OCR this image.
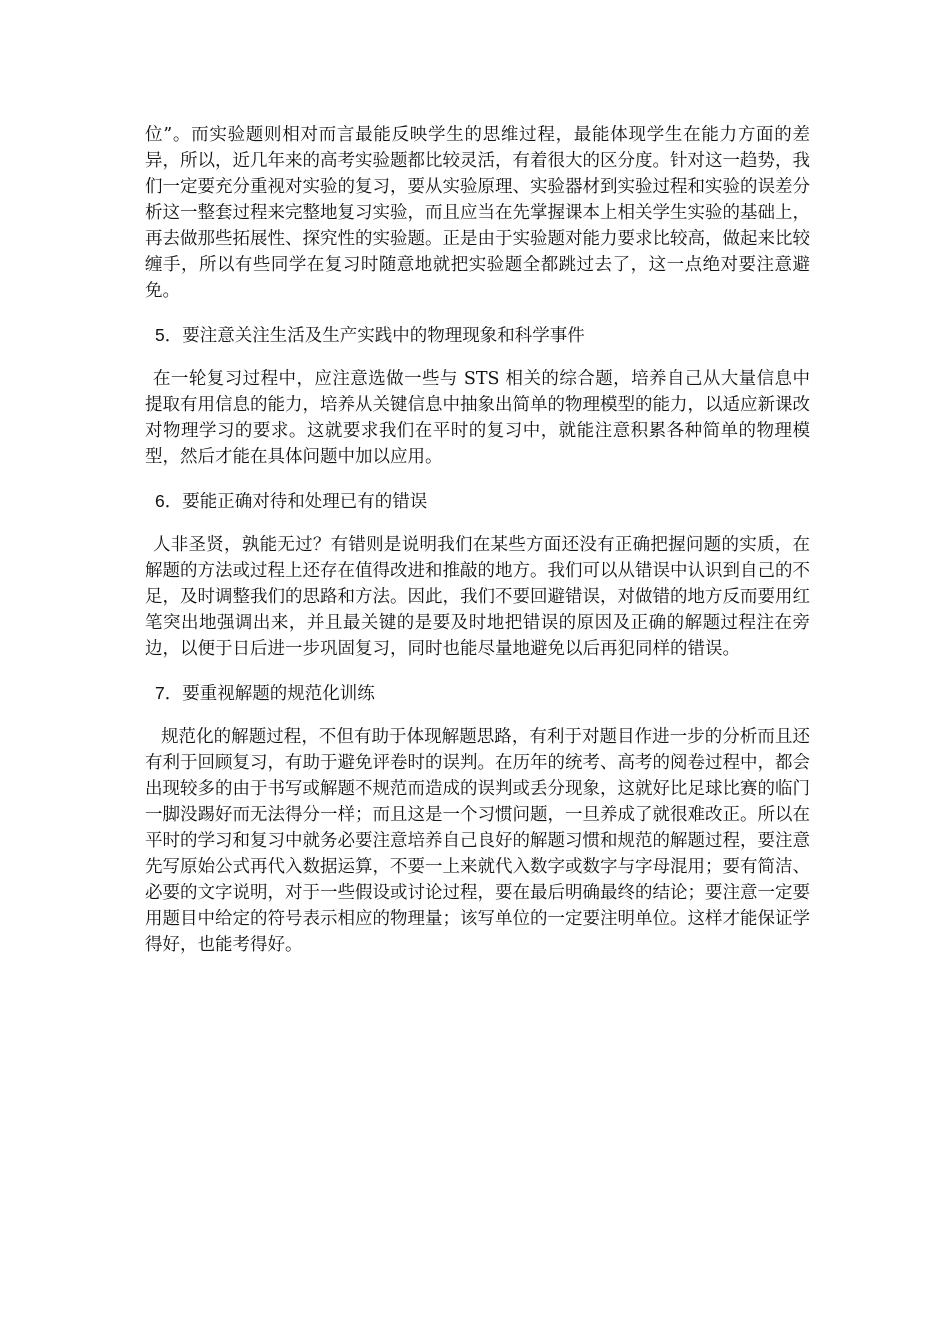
位”。而实验题则相对而言最能反映学生的思维过程，最能体现学生在能力方面的差异，所以，近几年来的高考实验题都比较灵活，有着很大的区分度。针对这一趋势，我们一定要充分重视对实验的复习，要从实验原理、实验器材到实验过程和实验的误差分析这一整套过程来完整地复习实验，而且应当在先掌握课本上相关学生实验的基础上，再去做那些拓展性、探究性的实验题。正是由于实验题对能力要求比较高，做起来比较缠手，所以有些同学在复习时随意地就把实验题全都跳过去了，这一点绝对要注意避免。

5．要注意关注生活及生产实践中的物理现象和科学事件

在一轮复习过程中，应注意选做一些与 STS 相关的综合题，培养自己从大量信息中提取有用信息的能力，培养从关键信息中抽象出简单的物理模型的能力，以适应新课改对物理学习的要求。这就要求我们在平时的复习中，就能注意积累各种简单的物理模型，然后才能在具体问题中加以应用。

6．要能正确对待和处理已有的错误

人非圣贤，孰能无过？有错则是说明我们在某些方面还没有正确把握问题的实质，在解题的方法或过程上还存在值得改进和推敲的地方。我们可以从错误中认识到自己的不足，及时调整我们的思路和方法。因此，我们不要回避错误，对做错的地方反而要用红笔突出地强调出来，并且最关键的是要及时地把错误的原因及正确的解题过程注在旁边，以便于日后进一步巩固复习，同时也能尽量地避免以后再犯同样的错误。

7．要重视解题的规范化训练

规范化的解题过程，不但有助于体现解题思路，有利于对题目作进一步的分析而且还有利于回顾复习，有助于避免评卷时的误判。在历年的统考、高考的阅卷过程中，都会出现较多的由于书写或解题不规范而造成的误判或丢分现象，这就好比足球比赛的临门一脚没踢好而无法得分一样；而且这是一个习惯问题，一旦养成了就很难改正。所以在平时的学习和复习中就务必要注意培养自己良好的解题习惯和规范的解题过程，要注意先写原始公式再代入数据运算，不要一上来就代入数字或数字与字母混用；要有简洁、必要的文字说明，对于一些假设或讨论过程，要在最后明确最终的结论；要注意一定要用题目中给定的符号表示相应的物理量；该写单位的一定要注明单位。这样才能保证学得好，也能考得好。
